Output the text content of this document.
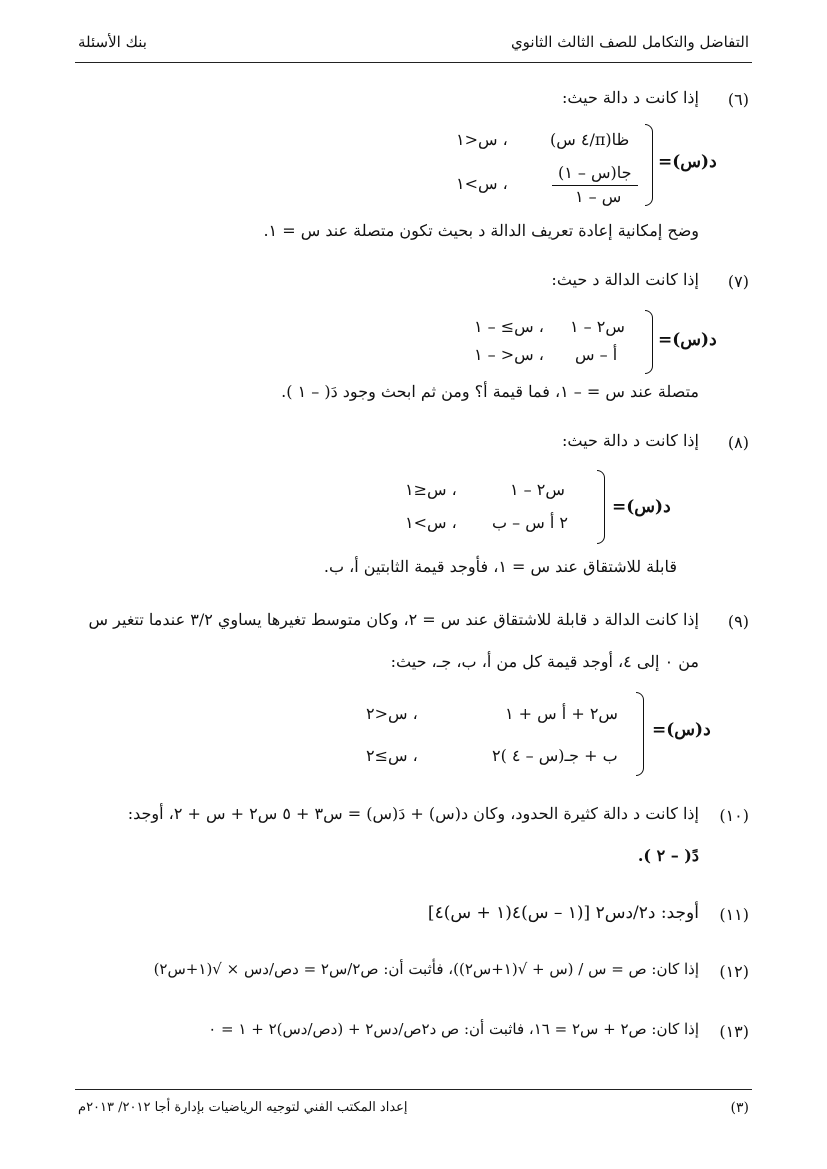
بنك الأسئلة	التفاضل والتكامل للصف الثالث الثانوي
(٦)
إذا كانت د دالة حيث:
د(س)=
ظا(π/٤ س)
، س<١
جا(س – ١)
س – ١
، س>١
وضح إمكانية إعادة تعريف الدالة د بحيث تكون متصلة عند س = ١.
(٧)
إذا كانت الدالة د حيث:
د(س)=
س٢ – ١
، س≥ – ١
أ – س
، س< – ١
متصلة عند س = – ١، فما قيمة أ؟ ومن ثم ابحث وجود دَ( – ١ ).
(٨)
إذا كانت د دالة حيث:
د(س)=
س٢ – ١
، س≤١
٢ أ س – ب
، س>١
قابلة للاشتقاق عند س = ١، فأوجد قيمة الثابتين أ، ب.
(٩)
إذا كانت الدالة د قابلة للاشتقاق عند س = ٢، وكان متوسط تغيرها يساوي ٣/٢ عندما تتغير س
من ٠ إلى ٤، أوجد قيمة كل من أ، ب، جـ، حيث:
د(س)=
س٢ + أ س + ١
، س<٢
ب + جـ(س – ٤ )٢
، س≥٢
(١٠)
إذا كانت د دالة كثيرة الحدود، وكان د(س) + دَ(س) = س٣ + ٥ س٢ + س + ٢، أوجد:
دً( – ٢ ).
(١١)
أوجد: د٢/دس٢ [(١ – س)٤(١ + س)٤]
(١٢)
إذا كان: ص = س / (س + √(١+س٢))، فأثبت أن: ص٢/س٢ = دص/دس × √(١+س٢)
(١٣)
إذا كان: ص٢ + س٢ = ١٦، فاثبت أن: ص د٢ص/دس٢ + (دص/دس)٢ + ١ = ٠
إعداد المكتب الفني لتوجيه الرياضيات بإدارة أجا ٢٠١٢/ ٢٠١٣م	(٣)
